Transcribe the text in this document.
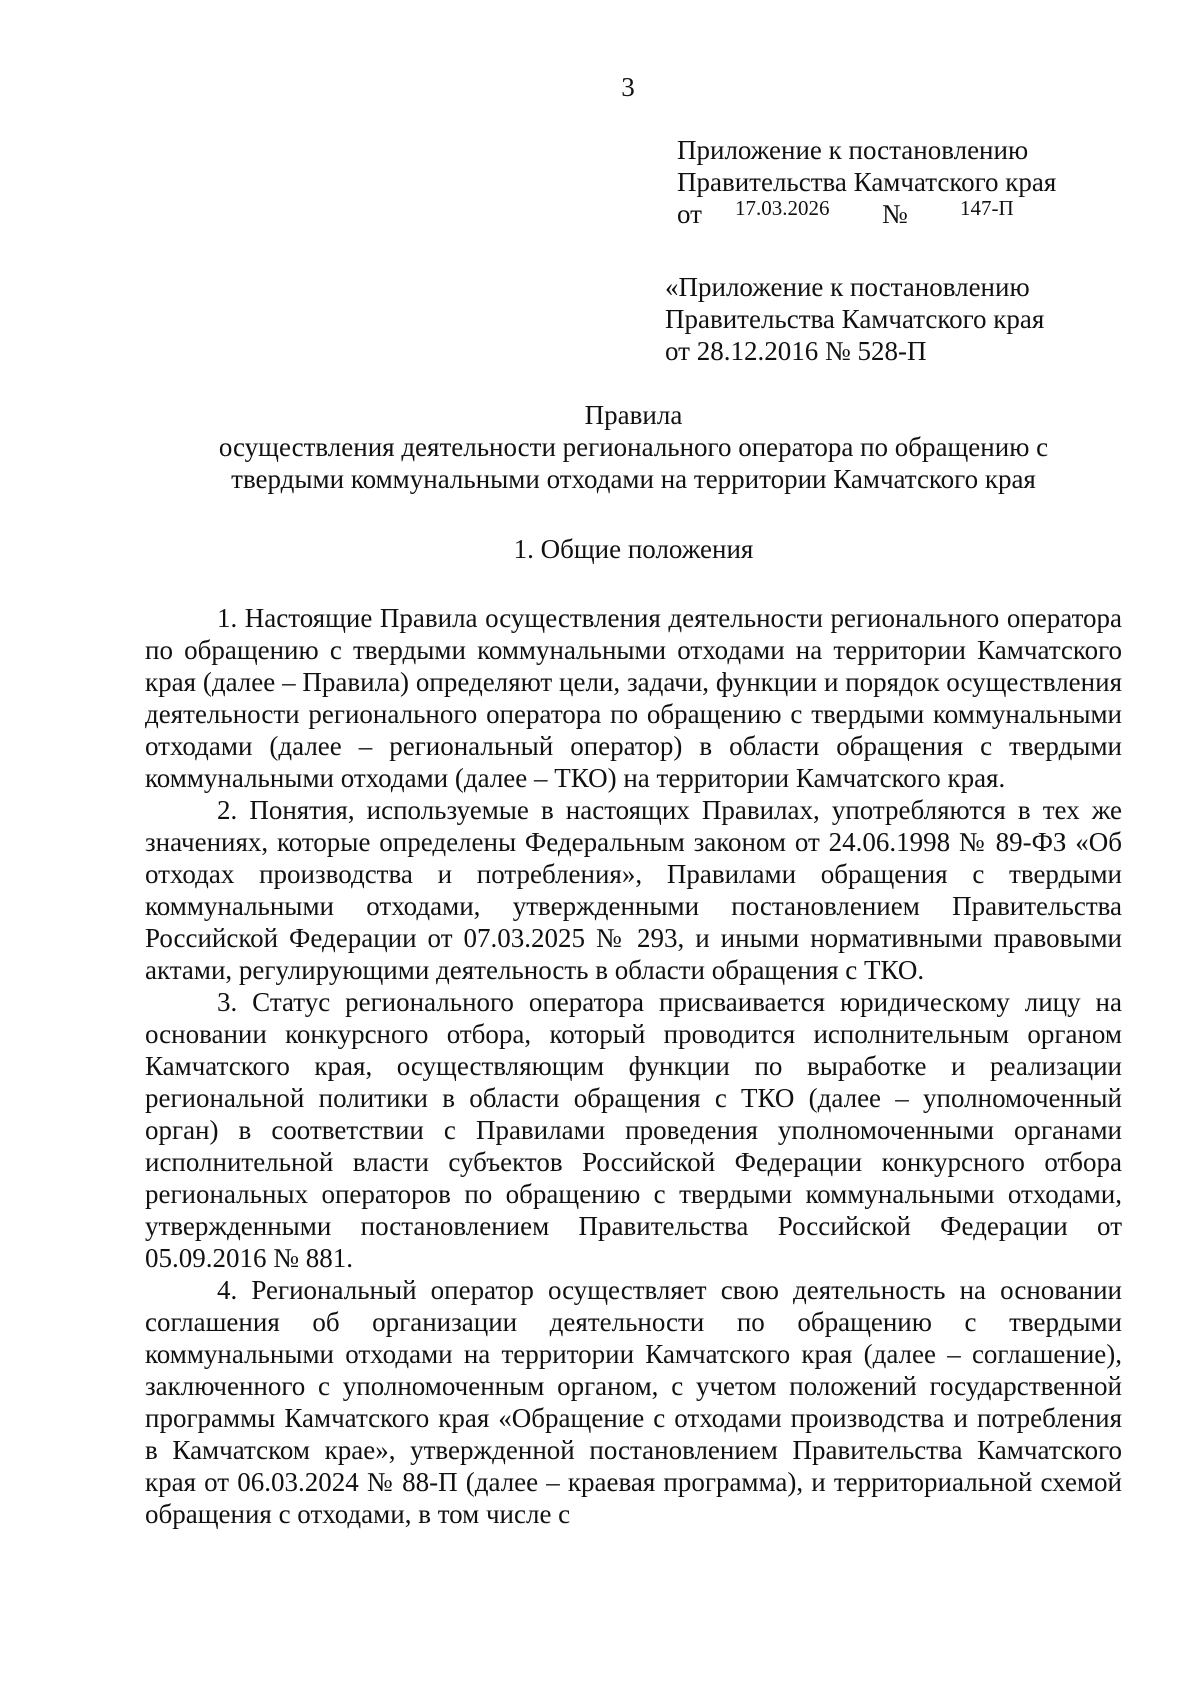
3
Приложение к постановлению
Правительства Камчатского края
от 17.03.2026 № 147-П
«Приложение к постановлению
Правительства Камчатского края
от 28.12.2016 № 528-П
Правила
осуществления деятельности регионального оператора по обращению с
твердыми коммунальными отходами на территории Камчатского края
1. Общие положения

1. Настоящие Правила осуществления деятельности регионального оператора по обращению с твердыми коммунальными отходами на территории Камчатского края (далее – Правила) определяют цели, задачи, функции и порядок осуществления деятельности регионального оператора по обращению с твердыми коммунальными отходами (далее – региональный оператор) в области обращения с твердыми коммунальными отходами (далее – ТКО) на территории Камчатского края.

2. Понятия, используемые в настоящих Правилах, употребляются в тех же значениях, которые определены Федеральным законом от 24.06.1998 № 89-ФЗ «Об отходах производства и потребления», Правилами обращения с твердыми коммунальными отходами, утвержденными постановлением Правительства Российской Федерации от 07.03.2025 № 293, и иными нормативными правовыми актами, регулирующими деятельность в области обращения с ТКО.

3. Статус регионального оператора присваивается юридическому лицу на основании конкурсного отбора, который проводится исполнительным органом Камчатского края, осуществляющим функции по выработке и реализации региональной политики в области обращения с ТКО (далее – уполномоченный орган) в соответствии с Правилами проведения уполномоченными органами исполнительной власти субъектов Российской Федерации конкурсного отбора региональных операторов по обращению с твердыми коммунальными отходами, утвержденными постановлением Правительства Российской Федерации от 05.09.2016 № 881.

4. Региональный оператор осуществляет свою деятельность на основании соглашения об организации деятельности по обращению с твердыми коммунальными отходами на территории Камчатского края (далее – соглашение), заключенного с уполномоченным органом, с учетом положений государственной программы Камчатского края «Обращение с отходами производства и потребления в Камчатском крае», утвержденной постановлением Правительства Камчатского края от 06.03.2024 № 88-П (далее – краевая программа), и территориальной схемой обращения с отходами, в том числе с
